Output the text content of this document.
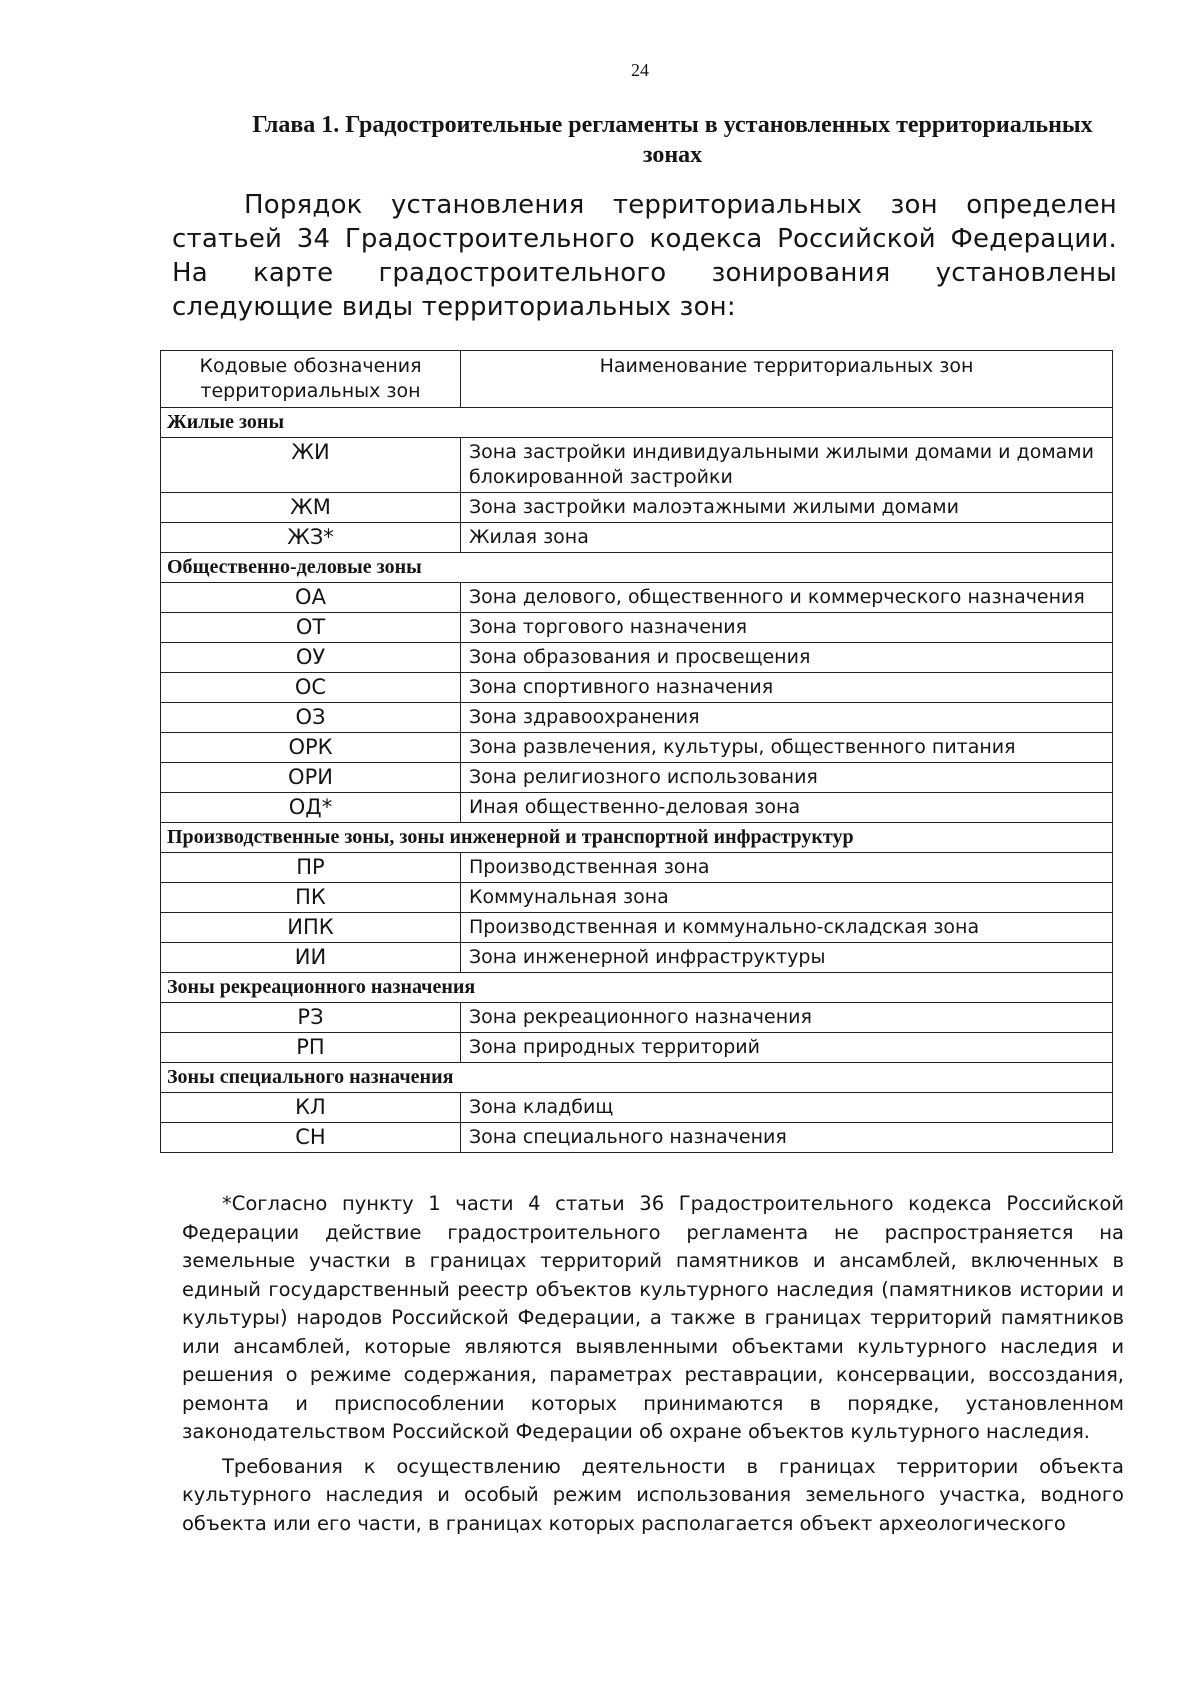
24
Глава 1. Градостроительные регламенты в установленных территориальных зонах
Порядок установления территориальных зон определен статьей 34 Градостроительного кодекса Российской Федерации. На карте градостроительного зонирования установлены следующие виды территориальных зон:
Кодовые обозначения территориальных зон	Наименование территориальных зон
Жилые зоны	
ЖИ	Зона застройки индивидуальными жилыми домами и домами блокированной застройки
ЖМ	Зона застройки малоэтажными жилыми домами
ЖЗ*	Жилая зона
Общественно-деловые зоны	
ОА	Зона делового, общественного и коммерческого назначения
ОТ	Зона торгового назначения
ОУ	Зона образования и просвещения
ОС	Зона спортивного назначения
ОЗ	Зона здравоохранения
ОРК	Зона развлечения, культуры, общественного питания
ОРИ	Зона религиозного использования
ОД*	Иная общественно-деловая зона
Производственные зоны, зоны инженерной и транспортной инфраструктур	
ПР	Производственная зона
ПК	Коммунальная зона
ИПК	Производственная и коммунально-складская зона
ИИ	Зона инженерной инфраструктуры
Зоны рекреационного назначения	
РЗ	Зона рекреационного назначения
РП	Зона природных территорий
Зоны специального назначения	
КЛ	Зона кладбищ
СН	Зона специального назначения

*Согласно пункту 1 части 4 статьи 36 Градостроительного кодекса Российской Федерации действие градостроительного регламента не распространяется на земельные участки в границах территорий памятников и ансамблей, включенных в единый государственный реестр объектов культурного наследия (памятников истории и культуры) народов Российской Федерации, а также в границах территорий памятников или ансамблей, которые являются выявленными объектами культурного наследия и решения о режиме содержания, параметрах реставрации, консервации, воссоздания, ремонта и приспособлении которых принимаются в порядке, установленном законодательством Российской Федерации об охране объектов культурного наследия.

Требования к осуществлению деятельности в границах территории объекта культурного наследия и особый режим использования земельного участка, водного объекта или его части, в границах которых располагается объект археологического
